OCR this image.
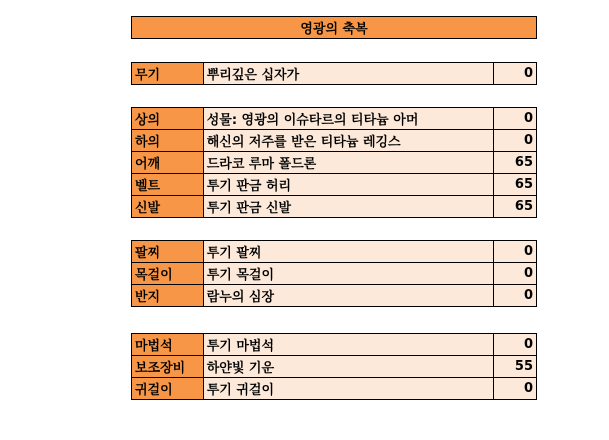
영광의 축복
무기	뿌리깊은 십자가	0
상의	성물: 영광의 이슈타르의 티타늄 아머	0
하의	해신의 저주를 받은 티타늄 레깅스	0
어깨	드라코 루마 폴드론	65
벨트	투기 판금 허리	65
신발	투기 판금 신발	65
팔찌	투기 팔찌	0
목걸이	투기 목걸이	0
반지	람누의 심장	0
마법석	투기 마법석	0
보조장비	하얀빛 기운	55
귀걸이	투기 귀걸이	0
